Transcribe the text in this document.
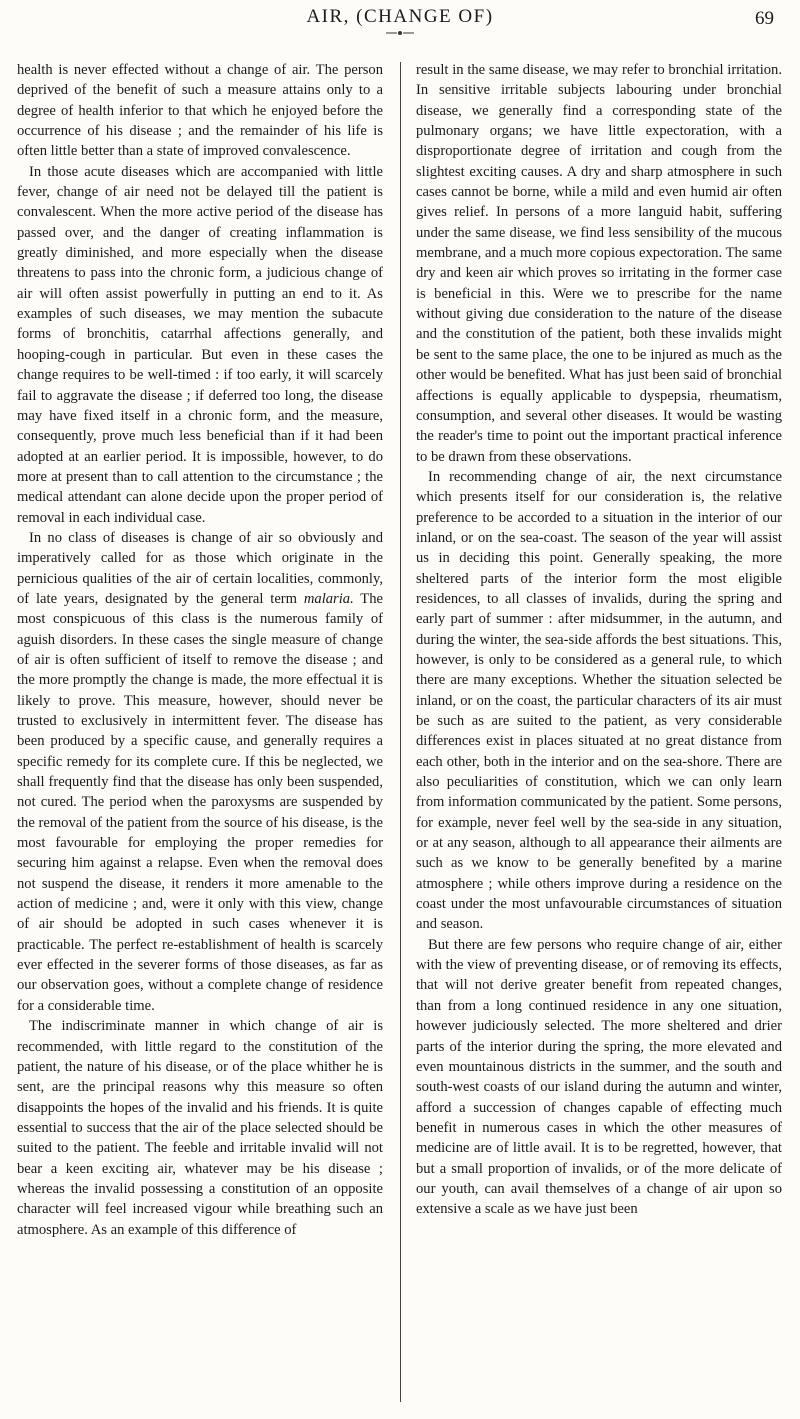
AIR, (CHANGE OF)	69

health is never effected without a change of air. The person deprived of the benefit of such a measure attains only to a degree of health inferior to that which he enjoyed before the occurrence of his disease ; and the remainder of his life is often little better than a state of improved convalescence.

In those acute diseases which are accompanied with little fever, change of air need not be delayed till the patient is convalescent. When the more active period of the disease has passed over, and the danger of creating inflammation is greatly diminished, and more especially when the disease threatens to pass into the chronic form, a judicious change of air will often assist powerfully in putting an end to it. As examples of such diseases, we may mention the subacute forms of bronchitis, catarrhal affections generally, and hooping-cough in particular. But even in these cases the change requires to be well-timed : if too early, it will scarcely fail to aggravate the disease ; if deferred too long, the disease may have fixed itself in a chronic form, and the measure, consequently, prove much less beneficial than if it had been adopted at an earlier period. It is impossible, however, to do more at present than to call attention to the circumstance ; the medical attendant can alone decide upon the proper period of removal in each individual case.

In no class of diseases is change of air so obviously and imperatively called for as those which originate in the pernicious qualities of the air of certain localities, commonly, of late years, designated by the general term malaria. The most conspicuous of this class is the numerous family of aguish disorders. In these cases the single measure of change of air is often sufficient of itself to remove the disease ; and the more promptly the change is made, the more effectual it is likely to prove. This measure, however, should never be trusted to exclusively in intermittent fever. The disease has been produced by a specific cause, and generally requires a specific remedy for its complete cure. If this be neglected, we shall frequently find that the disease has only been suspended, not cured. The period when the paroxysms are suspended by the removal of the patient from the source of his disease, is the most favourable for employing the proper remedies for securing him against a relapse. Even when the removal does not suspend the disease, it renders it more amenable to the action of medicine ; and, were it only with this view, change of air should be adopted in such cases whenever it is practicable. The perfect re-establishment of health is scarcely ever effected in the severer forms of those diseases, as far as our observation goes, without a complete change of residence for a considerable time.

The indiscriminate manner in which change of air is recommended, with little regard to the constitution of the patient, the nature of his disease, or of the place whither he is sent, are the principal reasons why this measure so often disappoints the hopes of the invalid and his friends. It is quite essential to success that the air of the place selected should be suited to the patient. The feeble and irritable invalid will not bear a keen exciting air, whatever may be his disease ; whereas the invalid possessing a constitution of an opposite character will feel increased vigour while breathing such an atmosphere. As an example of this difference of

result in the same disease, we may refer to bronchial irritation. In sensitive irritable subjects labouring under bronchial disease, we generally find a corresponding state of the pulmonary organs; we have little expectoration, with a disproportionate degree of irritation and cough from the slightest exciting causes. A dry and sharp atmosphere in such cases cannot be borne, while a mild and even humid air often gives relief. In persons of a more languid habit, suffering under the same disease, we find less sensibility of the mucous membrane, and a much more copious expectoration. The same dry and keen air which proves so irritating in the former case is beneficial in this. Were we to prescribe for the name without giving due consideration to the nature of the disease and the constitution of the patient, both these invalids might be sent to the same place, the one to be injured as much as the other would be benefited. What has just been said of bronchial affections is equally applicable to dyspepsia, rheumatism, consumption, and several other diseases. It would be wasting the reader's time to point out the important practical inference to be drawn from these observations.

In recommending change of air, the next circumstance which presents itself for our consideration is, the relative preference to be accorded to a situation in the interior of our inland, or on the sea-coast. The season of the year will assist us in deciding this point. Generally speaking, the more sheltered parts of the interior form the most eligible residences, to all classes of invalids, during the spring and early part of summer : after midsummer, in the autumn, and during the winter, the sea-side affords the best situations. This, however, is only to be considered as a general rule, to which there are many exceptions. Whether the situation selected be inland, or on the coast, the particular characters of its air must be such as are suited to the patient, as very considerable differences exist in places situated at no great distance from each other, both in the interior and on the sea-shore. There are also peculiarities of constitution, which we can only learn from information communicated by the patient. Some persons, for example, never feel well by the sea-side in any situation, or at any season, although to all appearance their ailments are such as we know to be generally benefited by a marine atmosphere ; while others improve during a residence on the coast under the most unfavourable circumstances of situation and season.

But there are few persons who require change of air, either with the view of preventing disease, or of removing its effects, that will not derive greater benefit from repeated changes, than from a long continued residence in any one situation, however judiciously selected. The more sheltered and drier parts of the interior during the spring, the more elevated and even mountainous districts in the summer, and the south and south-west coasts of our island during the autumn and winter, afford a succession of changes capable of effecting much benefit in numerous cases in which the other measures of medicine are of little avail. It is to be regretted, however, that but a small proportion of invalids, or of the more delicate of our youth, can avail themselves of a change of air upon so extensive a scale as we have just been
